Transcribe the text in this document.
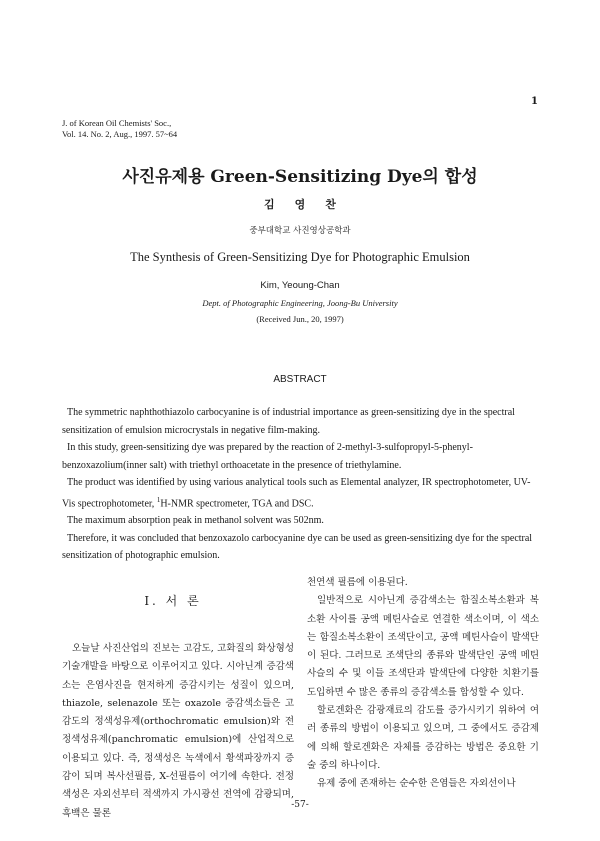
1
J. of Korean Oil Chemists' Soc.,
Vol. 14. No. 2, Aug., 1997. 57~64
사진유제용 Green-Sensitizing Dye의 합성
김영찬
중부대학교 사진영상공학과
The Synthesis of Green-Sensitizing Dye for Photographic Emulsion
Kim, Yeoung-Chan
Dept. of Photographic Engineering, Joong-Bu University
(Received Jun., 20, 1997)
ABSTRACT

The symmetric naphthothiazolo carbocyanine is of industrial importance as green-sensitizing dye in the spectral sensitization of emulsion microcrystals in negative film-making.

In this study, green-sensitizing dye was prepared by the reaction of 2-methyl-3-sulfopropyl-5-phenyl-benzoxazolium(inner salt) with triethyl orthoacetate in the presence of triethylamine.

The product was identified by using various analytical tools such as Elemental analyzer, IR spectrophotometer, UV-Vis spectrophotometer, $^1$H-NMR spectrometer, TGA and DSC.

The maximum absorption peak in methanol solvent was 502nm.

Therefore, it was concluded that benzoxazolo carbocyanine dye can be used as green-sensitizing dye for the spectral sensitization of photographic emulsion.

I. 서 론

오늘날 사진산업의 진보는 고감도, 고화질의 화상형성 기술개발을 바탕으로 이루어지고 있다. 시아닌계 증감색소는 은염사진을 현저하게 증감시키는 성질이 있으며, thiazole, selenazole 또는 oxazole 증감색소들은 고감도의 정색성유제(orthochromatic emulsion)와 전정색성유제(panchromatic emulsion)에 산업적으로 이용되고 있다. 즉, 정색성은 녹색에서 황색파장까지 증감이 되며 복사선필름, X-선필름이 여기에 속한다. 전정색성은 자외선부터 적색까지 가시광선 전역에 감광되며, 흑백은 물론

천연색 필름에 이용된다.

일반적으로 시아닌계 증감색소는 함질소복소환과 복소환 사이를 공액 메틴사슬로 연결한 색소이며, 이 색소는 함질소복소환이 조색단이고, 공액 메틴사슬이 발색단이 된다. 그러므로 조색단의 종류와 발색단인 공액 메틴사슬의 수 및 이들 조색단과 발색단에 다양한 치환기를 도입하면 수 많은 종류의 증감색소를 합성할 수 있다.

할로겐화은 감광재료의 감도를 증가시키기 위하여 여러 종류의 방법이 이용되고 있으며, 그 중에서도 증감제에 의해 할로겐화은 자체를 증감하는 방법은 중요한 기술 중의 하나이다.

유제 중에 존재하는 순수한 은염들은 자외선이나

-57-
